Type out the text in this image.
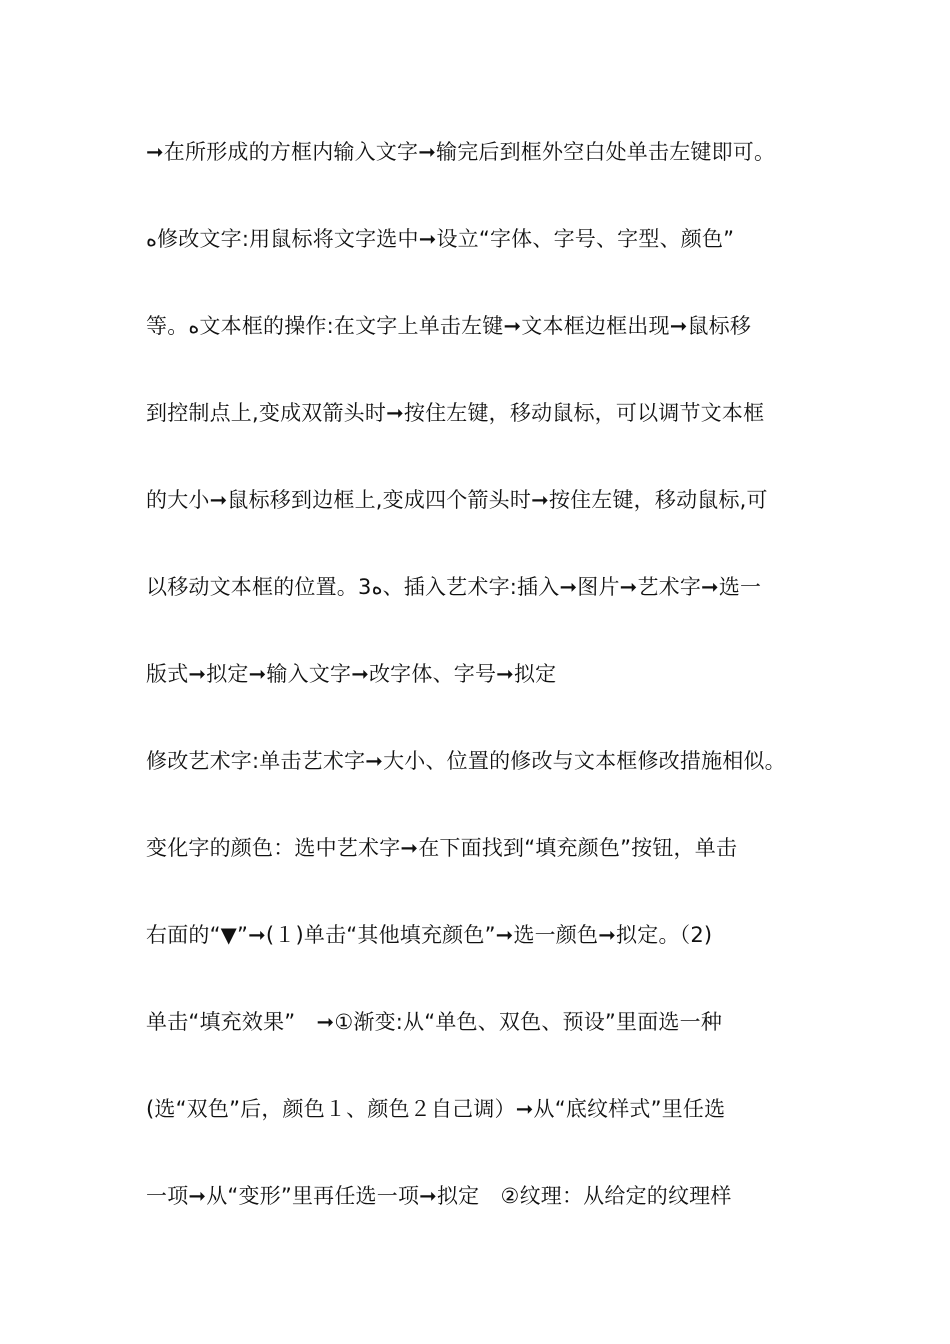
➞在所形成的方框内输入文字➞输完后到框外空白处单击左键即可。
ﻩ修改文字:用鼠标将文字选中➞设立“字体、字号、字型、颜色”
等。ﻩ文本框的操作:在文字上单击左键➞文本框边框出现➞鼠标移
到控制点上,变成双箭头时➞按住左键，移动鼠标，可以调节文本框
的大小➞鼠标移到边框上,变成四个箭头时➞按住左键，移动鼠标,可
以移动文本框的位置。3ﻩ、插入艺术字:插入➞图片➞艺术字➞选一
版式➞拟定➞输入文字➞改字体、字号➞拟定
修改艺术字:单击艺术字➞大小、位置的修改与文本框修改措施相似。
变化字的颜色：选中艺术字➞在下面找到“填充颜色”按钮，单击
右面的“▼”➞(１)单击“其他填充颜色”➞选一颜色➞拟定。（2)
单击“填充效果”　➞①渐变:从“单色、双色、预设”里面选一种
(选“双色”后，颜色１、颜色２自己调）➞从“底纹样式”里任选
一项➞从“变形”里再任选一项➞拟定　②纹理：从给定的纹理样
